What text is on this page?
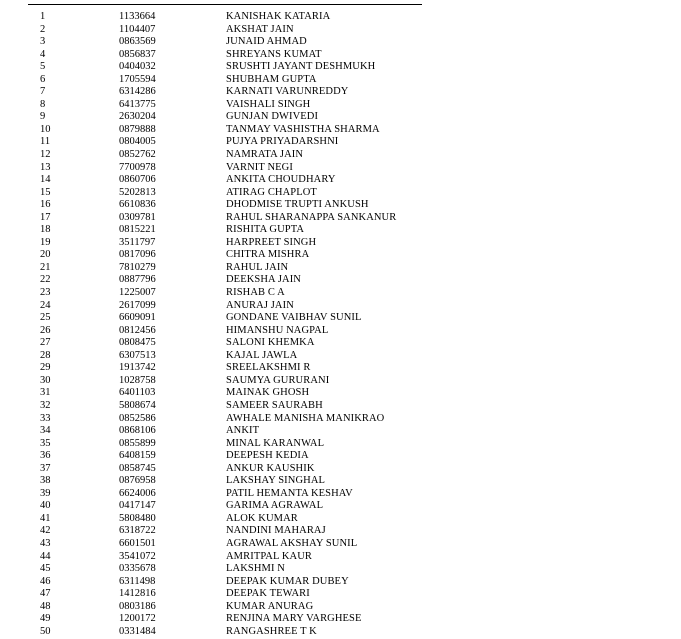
1	1133664	KANISHAK KATARIA
2	1104407	AKSHAT JAIN
3	0863569	JUNAID AHMAD
4	0856837	SHREYANS KUMAT
5	0404032	SRUSHTI JAYANT DESHMUKH
6	1705594	SHUBHAM GUPTA
7	6314286	KARNATI VARUNREDDY
8	6413775	VAISHALI SINGH
9	2630204	GUNJAN DWIVEDI
10	0879888	TANMAY VASHISTHA SHARMA
11	0804005	PUJYA PRIYADARSHNI
12	0852762	NAMRATA JAIN
13	7700978	VARNIT NEGI
14	0860706	ANKITA CHOUDHARY
15	5202813	ATIRAG CHAPLOT
16	6610836	DHODMISE TRUPTI ANKUSH
17	0309781	RAHUL SHARANAPPA SANKANUR
18	0815221	RISHITA GUPTA
19	3511797	HARPREET SINGH
20	0817096	CHITRA MISHRA
21	7810279	RAHUL JAIN
22	0887796	DEEKSHA JAIN
23	1225007	RISHAB C A
24	2617099	ANURAJ JAIN
25	6609091	GONDANE VAIBHAV SUNIL
26	0812456	HIMANSHU NAGPAL
27	0808475	SALONI KHEMKA
28	6307513	KAJAL JAWLA
29	1913742	SREELAKSHMI R
30	1028758	SAUMYA GURURANI
31	6401103	MAINAK GHOSH
32	5808674	SAMEER SAURABH
33	0852586	AWHALE MANISHA MANIKRAO
34	0868106	ANKIT
35	0855899	MINAL KARANWAL
36	6408159	DEEPESH KEDIA
37	0858745	ANKUR KAUSHIK
38	0876958	LAKSHAY SINGHAL
39	6624006	PATIL HEMANTA KESHAV
40	0417147	GARIMA AGRAWAL
41	5808480	ALOK KUMAR
42	6318722	NANDINI MAHARAJ
43	6601501	AGRAWAL AKSHAY SUNIL
44	3541072	AMRITPAL KAUR
45	0335678	LAKSHMI N
46	6311498	DEEPAK KUMAR DUBEY
47	1412816	DEEPAK TEWARI
48	0803186	KUMAR ANURAG
49	1200172	RENJINA MARY VARGHESE
50	0331484	RANGASHREE T K
